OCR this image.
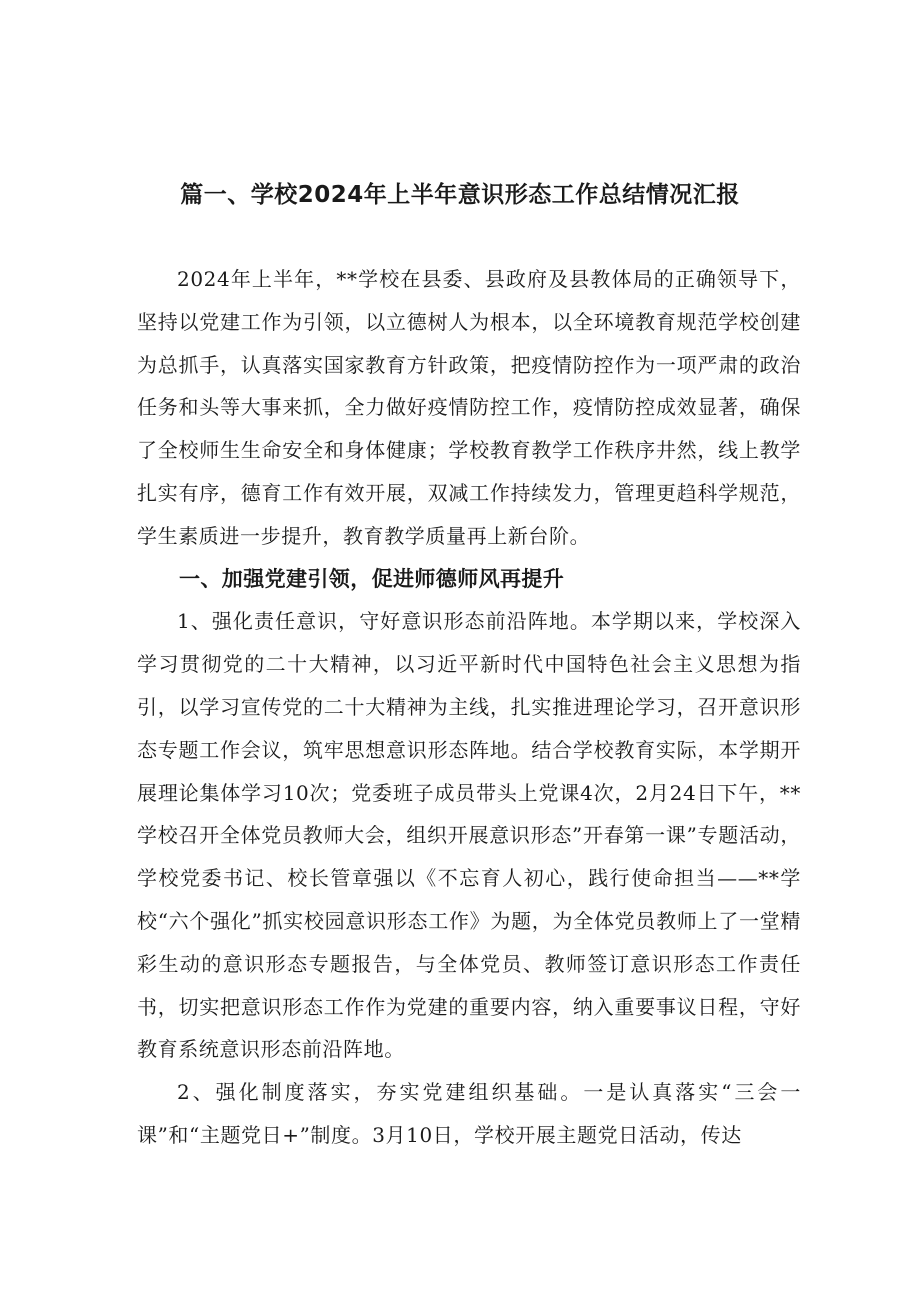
篇一、学校2024年上半年意识形态工作总结情况汇报

2024年上半年，**学校在县委、县政府及县教体局的正确领导下，坚持以党建工作为引领，以立德树人为根本，以全环境教育规范学校创建为总抓手，认真落实国家教育方针政策，把疫情防控作为一项严肃的政治任务和头等大事来抓，全力做好疫情防控工作，疫情防控成效显著，确保了全校师生生命安全和身体健康；学校教育教学工作秩序井然，线上教学扎实有序，德育工作有效开展，双减工作持续发力，管理更趋科学规范，学生素质进一步提升，教育教学质量再上新台阶。

一、加强党建引领，促进师德师风再提升

1、强化责任意识，守好意识形态前沿阵地。本学期以来，学校深入学习贯彻党的二十大精神，以习近平新时代中国特色社会主义思想为指引，以学习宣传党的二十大精神为主线，扎实推进理论学习，召开意识形态专题工作会议，筑牢思想意识形态阵地。结合学校教育实际，本学期开展理论集体学习10次；党委班子成员带头上党课4次，2月24日下午，**学校召开全体党员教师大会，组织开展意识形态”开春第一课”专题活动，学校党委书记、校长管章强以《不忘育人初心，践行使命担当——**学校“六个强化”抓实校园意识形态工作》为题，为全体党员教师上了一堂精彩生动的意识形态专题报告，与全体党员、教师签订意识形态工作责任书，切实把意识形态工作作为党建的重要内容，纳入重要事议日程，守好教育系统意识形态前沿阵地。

2、强化制度落实，夯实党建组织基础。一是认真落实“三会一课”和“主题党日+”制度。3月10日，学校开展主题党日活动，传达
